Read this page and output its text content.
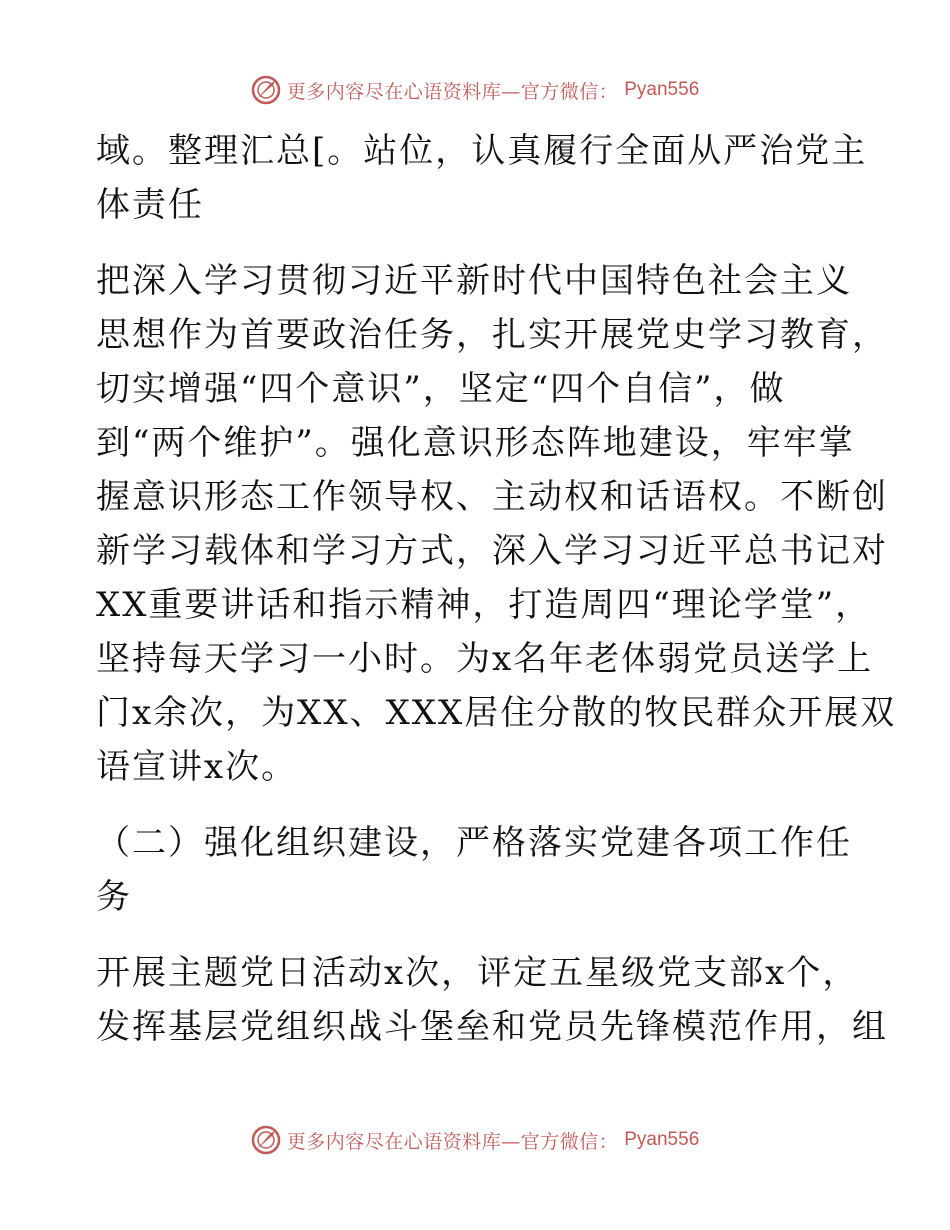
更多内容尽在心语资料库—官方微信： Pyan556
域。整理汇总[。站位，认真履行全面从严治党主
体责任
把深入学习贯彻习近平新时代中国特色社会主义
思想作为首要政治任务，扎实开展党史学习教育，
切实增强“四个意识”，坚定“四个自信”，做
到“两个维护”。强化意识形态阵地建设，牢牢掌
握意识形态工作领导权、主动权和话语权。不断创
新学习载体和学习方式，深入学习习近平总书记对
XX重要讲话和指示精神，打造周四“理论学堂”，
坚持每天学习一小时。为x名年老体弱党员送学上
门x余次，为XX、XXX居住分散的牧民群众开展双
语宣讲x次。
（二）强化组织建设，严格落实党建各项工作任
务
开展主题党日活动x次，评定五星级党支部x个，
发挥基层党组织战斗堡垒和党员先锋模范作用，组
更多内容尽在心语资料库—官方微信： Pyan556
